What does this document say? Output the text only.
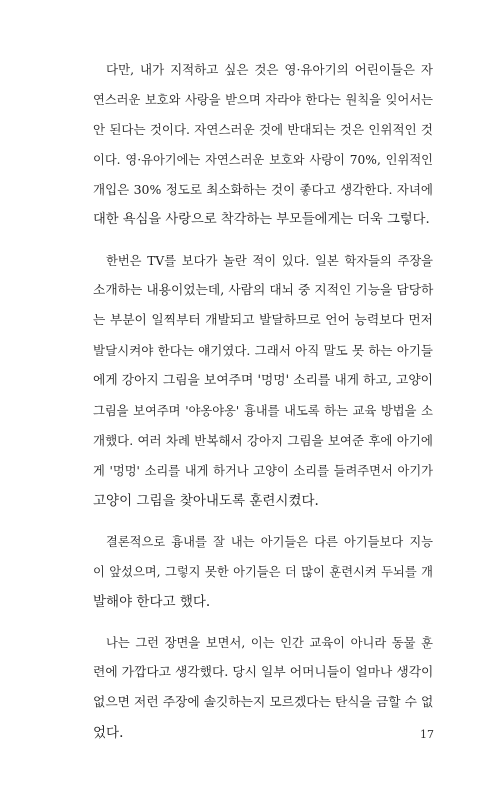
다만, 내가 지적하고 싶은 것은 영·유아기의 어린이들은 자
연스러운 보호와 사랑을 받으며 자라야 한다는 원칙을 잊어서는
안 된다는 것이다. 자연스러운 것에 반대되는 것은 인위적인 것
이다. 영·유아기에는 자연스러운 보호와 사랑이 70%, 인위적인
개입은 30% 정도로 최소화하는 것이 좋다고 생각한다. 자녀에
대한 욕심을 사랑으로 착각하는 부모들에게는 더욱 그렇다.
한번은 TV를 보다가 놀란 적이 있다. 일본 학자들의 주장을
소개하는 내용이었는데, 사람의 대뇌 중 지적인 기능을 담당하
는 부분이 일찍부터 개발되고 발달하므로 언어 능력보다 먼저
발달시켜야 한다는 얘기였다. 그래서 아직 말도 못 하는 아기들
에게 강아지 그림을 보여주며 '멍멍' 소리를 내게 하고, 고양이
그림을 보여주며 '야옹야옹' 흉내를 내도록 하는 교육 방법을 소
개했다. 여러 차례 반복해서 강아지 그림을 보여준 후에 아기에
게 '멍멍' 소리를 내게 하거나 고양이 소리를 들려주면서 아기가
고양이 그림을 찾아내도록 훈련시켰다.
결론적으로 흉내를 잘 내는 아기들은 다른 아기들보다 지능
이 앞섰으며, 그렇지 못한 아기들은 더 많이 훈련시켜 두뇌를 개
발해야 한다고 했다.
나는 그런 장면을 보면서, 이는 인간 교육이 아니라 동물 훈
련에 가깝다고 생각했다. 당시 일부 어머니들이 얼마나 생각이
없으면 저런 주장에 솔깃하는지 모르겠다는 탄식을 금할 수 없
었다.	17
